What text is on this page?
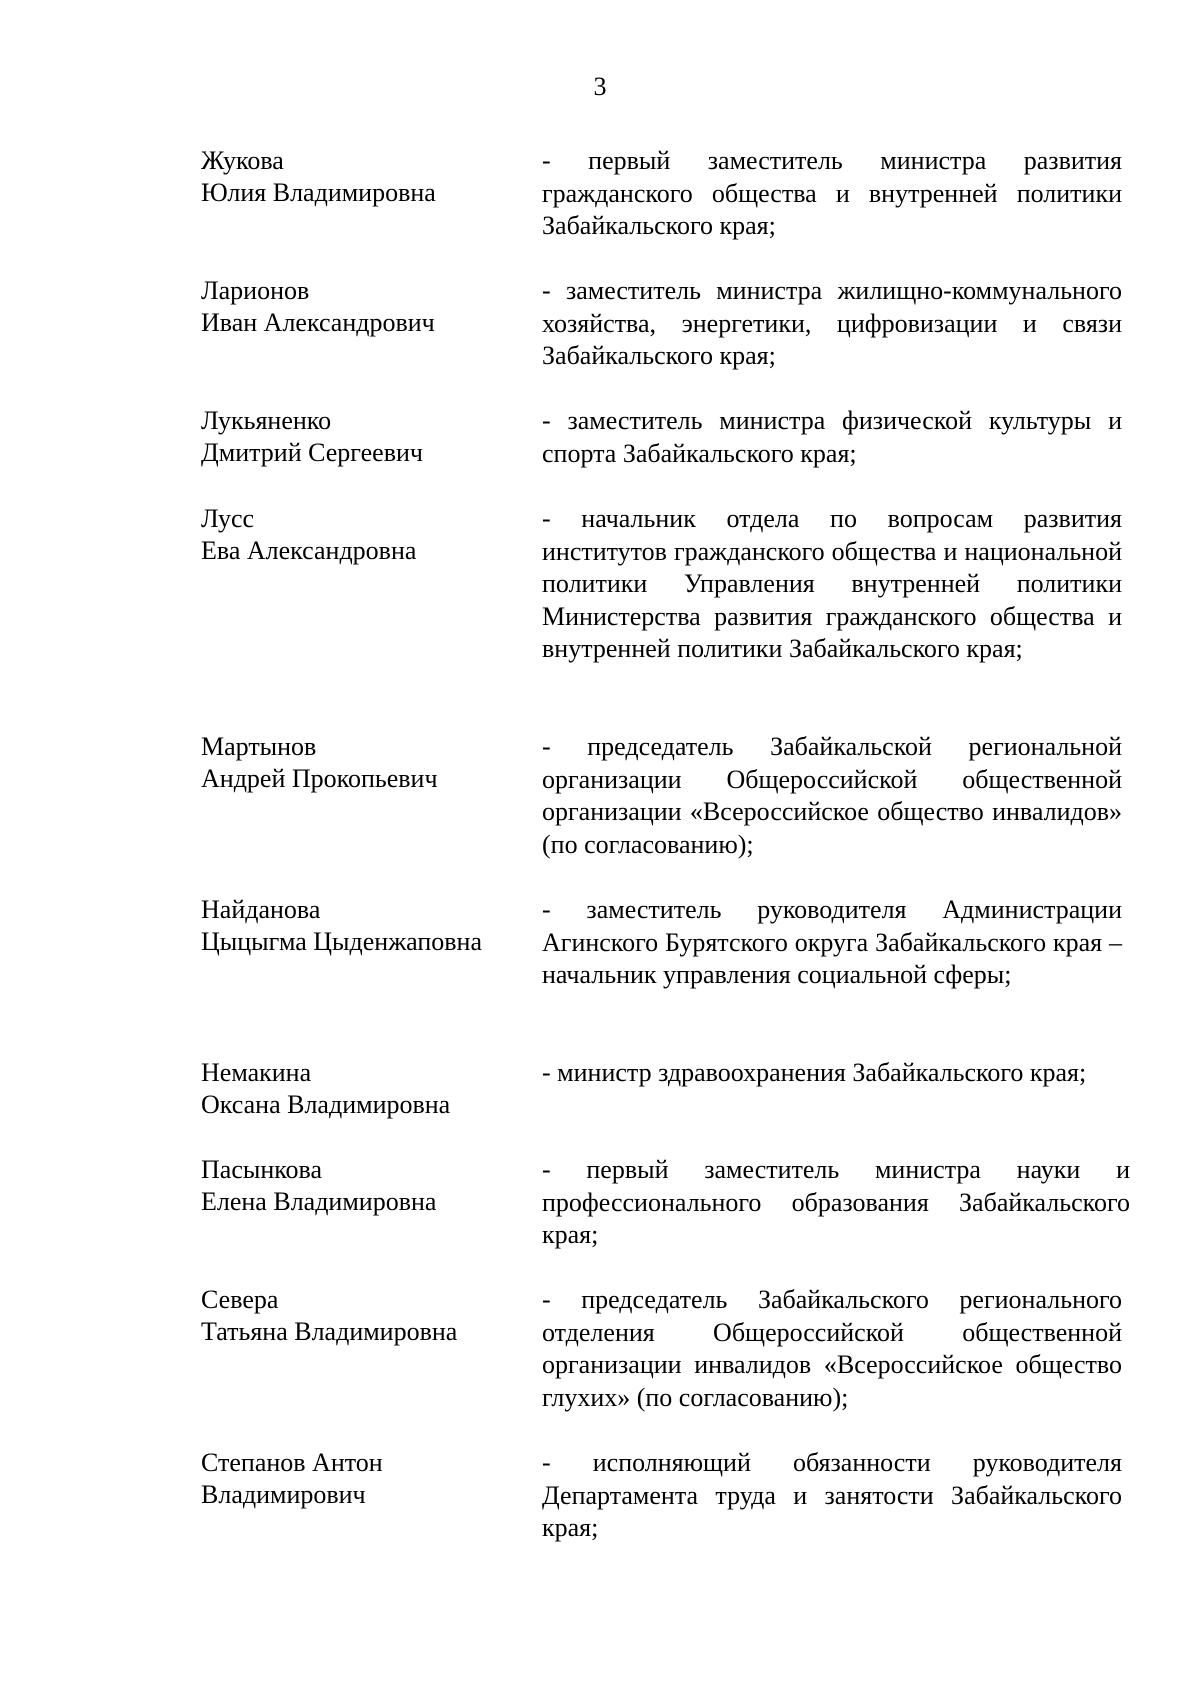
3
Жукова
Юлия Владимировна
- первый заместитель министра развития гражданского общества и внутренней политики Забайкальского края;
Ларионов
Иван Александрович
- заместитель министра жилищно-коммунального хозяйства, энергетики, цифровизации и связи Забайкальского края;
Лукьяненко
Дмитрий Сергеевич
- заместитель министра физической культуры и спорта Забайкальского края;
Лусс
Ева Александровна
- начальник отдела по вопросам развития институтов гражданского общества и национальной политики Управления внутренней политики Министерства развития гражданского общества и внутренней политики Забайкальского края;
Мартынов
Андрей Прокопьевич
- председатель Забайкальской региональной организации Общероссийской общественной организации «Всероссийское общество инвалидов» (по согласованию);
Найданова
Цыцыгма Цыденжаповна
- заместитель руководителя Администрации Агинского Бурятского округа Забайкальского края – начальник управления социальной сферы;
Немакина
Оксана Владимировна
- министр здравоохранения Забайкальского края;
Пасынкова
Елена Владимировна
- первый заместитель министра науки и профессионального образования Забайкальского края;
Севера
Татьяна Владимировна
- председатель Забайкальского регионального отделения Общероссийской общественной организации инвалидов «Всероссийское общество глухих» (по согласованию);
Степанов Антон
Владимирович
- исполняющий обязанности руководителя Департамента труда и занятости Забайкальского края;
